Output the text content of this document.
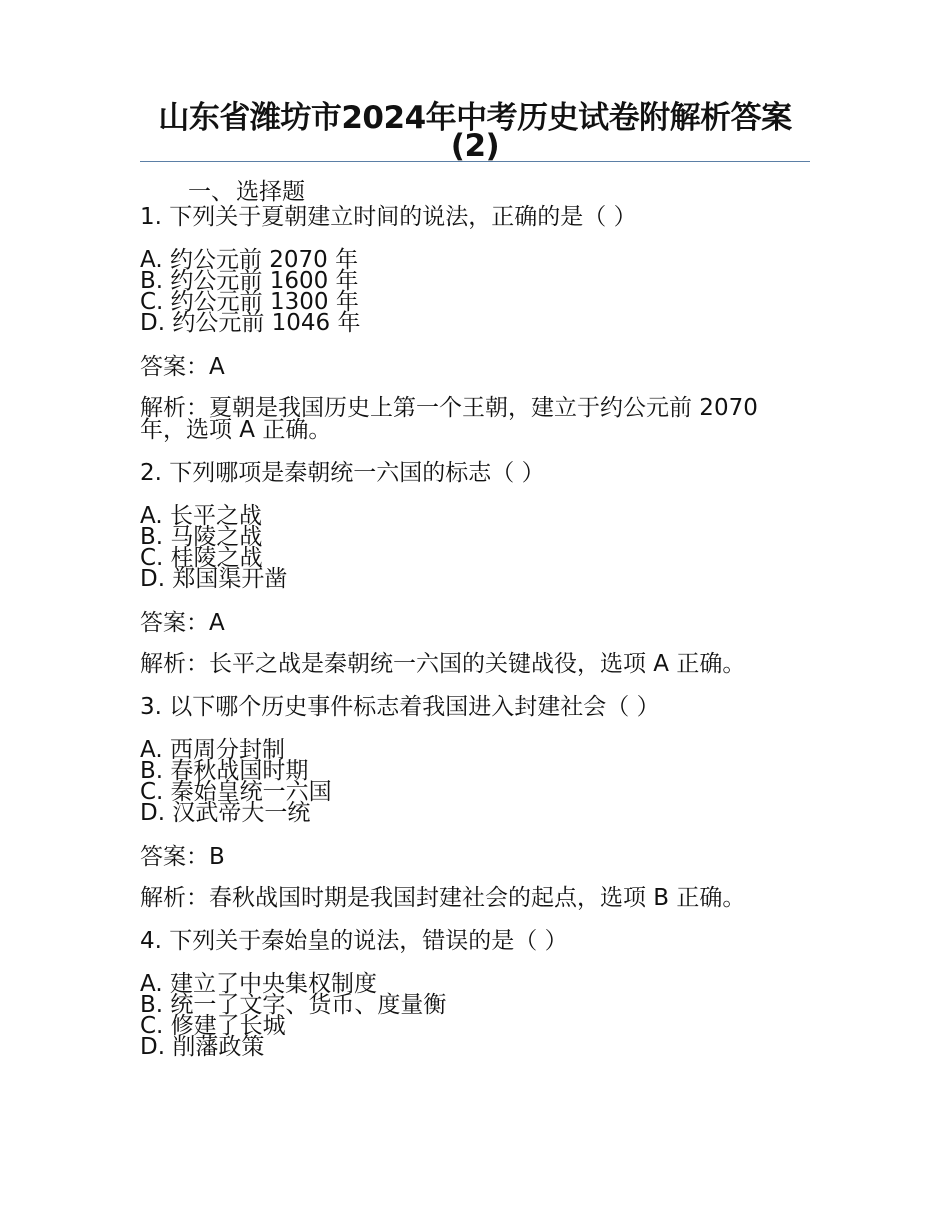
山东省潍坊市2024年中考历史试卷附解析答案(2)
一、选择题

1. 下列关于夏朝建立时间的说法，正确的是（ ）

A. 约公元前 2070 年
B. 约公元前 1600 年
C. 约公元前 1300 年
D. 约公元前 1046 年

答案：A

解析：夏朝是我国历史上第一个王朝，建立于约公元前 2070 年，选项 A 正确。

2. 下列哪项是秦朝统一六国的标志（ ）

A. 长平之战
B. 马陵之战
C. 桂陵之战
D. 郑国渠开凿

答案：A

解析：长平之战是秦朝统一六国的关键战役，选项 A 正确。

3. 以下哪个历史事件标志着我国进入封建社会（ ）

A. 西周分封制
B. 春秋战国时期
C. 秦始皇统一六国
D. 汉武帝大一统

答案：B

解析：春秋战国时期是我国封建社会的起点，选项 B 正确。

4. 下列关于秦始皇的说法，错误的是（ ）

A. 建立了中央集权制度
B. 统一了文字、货币、度量衡
C. 修建了长城
D. 削藩政策
